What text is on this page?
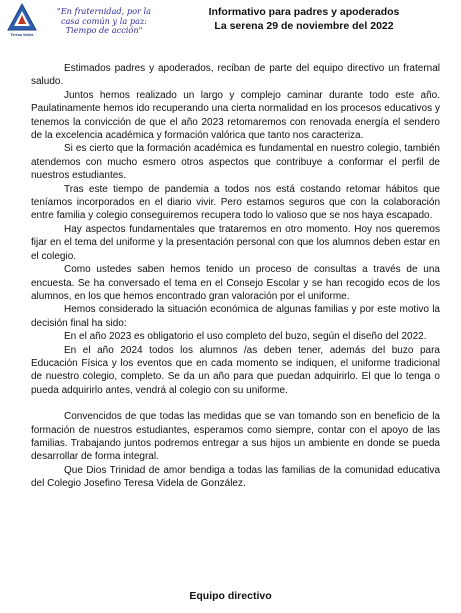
Teresa Videla
"En fraternidad, por la
casa común y la paz:
Tiempo de acción"
Informativo para padres y apoderados
La serena 29 de noviembre del 2022

Estimados padres y apoderados, reciban de parte del equipo directivo un fraternal saludo.

Juntos hemos realizado un largo y complejo caminar durante todo este año. Paulatinamente hemos ido recuperando una cierta normalidad en los procesos educativos y tenemos la convicción de que el año 2023 retomaremos con renovada energía el sendero de la excelencia académica y formación valórica que tanto nos caracteriza.

Si es cierto que la formación académica es fundamental en nuestro colegio, también atendemos con mucho esmero otros aspectos que contribuye a conformar el perfil de nuestros estudiantes.

Tras este tiempo de pandemia a todos nos está costando retomar hábitos que teníamos incorporados en el diario vivir. Pero estamos seguros que con la colaboración entre familia y colegio conseguiremos recupera todo lo valioso que se nos haya escapado.

Hay aspectos fundamentales que trataremos en otro momento. Hoy nos queremos fijar en el tema del uniforme y la presentación personal con que los alumnos deben estar en el colegio.

Como ustedes saben hemos tenido un proceso de consultas a través de una encuesta. Se ha conversado el tema en el Consejo Escolar y se han recogido ecos de los alumnos, en los que hemos encontrado gran valoración por el uniforme.

Hemos considerado la situación económica de algunas familias y por este motivo la decisión final ha sido:

En el año 2023 es obligatorio el uso completo del buzo, según el diseño del 2022.

En el año 2024 todos los alumnos /as deben tener, además del buzo para Educación Física y los eventos que en cada momento se indiquen, el uniforme tradicional de nuestro colegio, completo. Se da un año para que puedan adquirirlo. El que lo tenga o pueda adquirirlo antes, vendrá al colegio con su uniforme.

Convencidos de que todas las medidas que se van tomando son en beneficio de la formación de nuestros estudiantes, esperamos como siempre, contar con el apoyo de las familias. Trabajando juntos podremos entregar a sus hijos un ambiente en donde se pueda desarrollar de forma integral.

Que Dios Trinidad de amor bendiga a todas las familias de la comunidad educativa del Colegio Josefino Teresa Videla de González.

Equipo directivo
